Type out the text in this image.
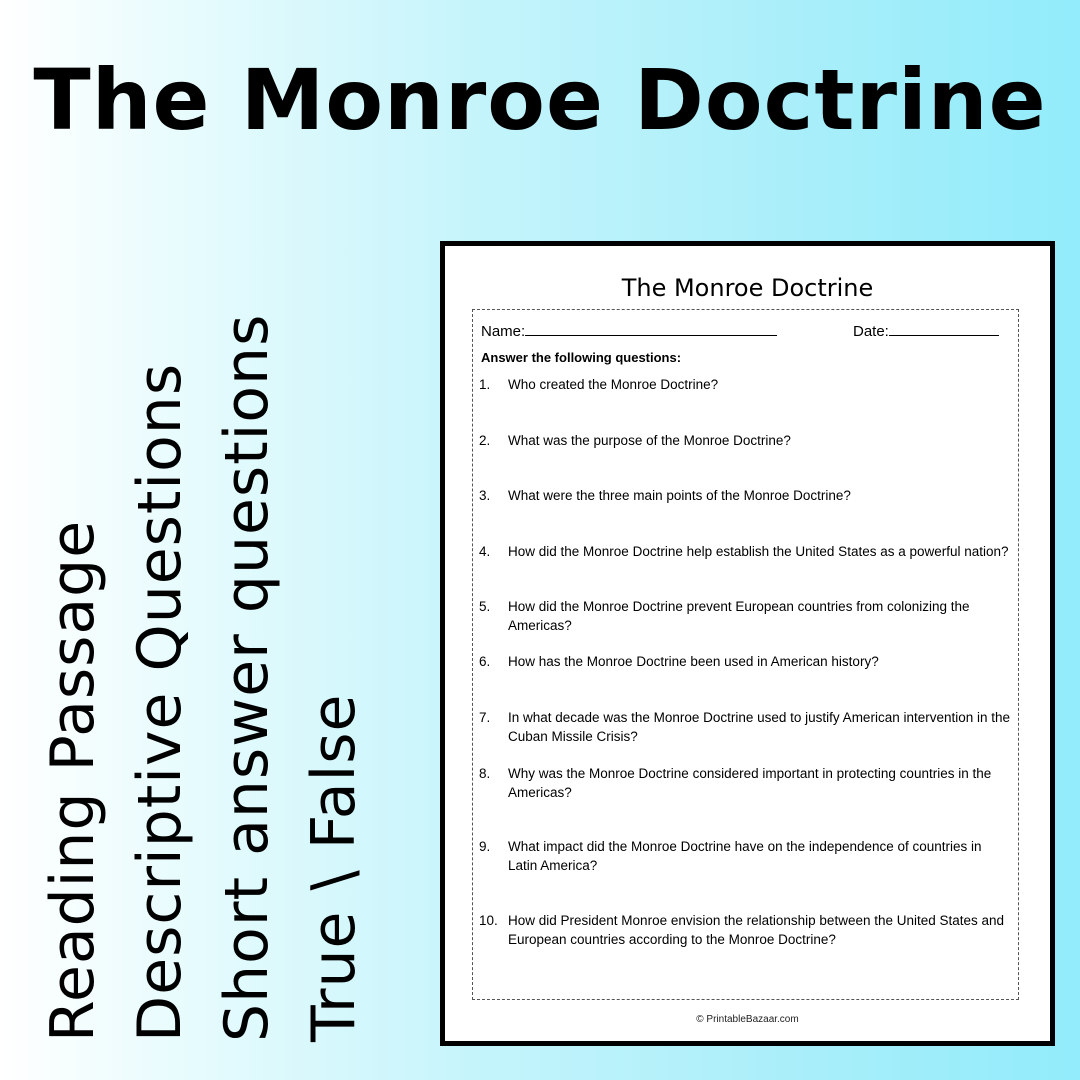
The Monroe Doctrine
Reading Passage Descriptive Questions Short answer questions True \ False
The Monroe Doctrine
Name:	Date:
Answer the following questions:
1. Who created the Monroe Doctrine?
2. What was the purpose of the Monroe Doctrine?
3. What were the three main points of the Monroe Doctrine?
4. How did the Monroe Doctrine help establish the United States as a powerful nation?
5. How did the Monroe Doctrine prevent European countries from colonizing the Americas?
6. How has the Monroe Doctrine been used in American history?
7. In what decade was the Monroe Doctrine used to justify American intervention in the Cuban Missile Crisis?
8. Why was the Monroe Doctrine considered important in protecting countries in the Americas?
9. What impact did the Monroe Doctrine have on the independence of countries in Latin America?
10. How did President Monroe envision the relationship between the United States and European countries according to the Monroe Doctrine?
© PrintableBazaar.com
